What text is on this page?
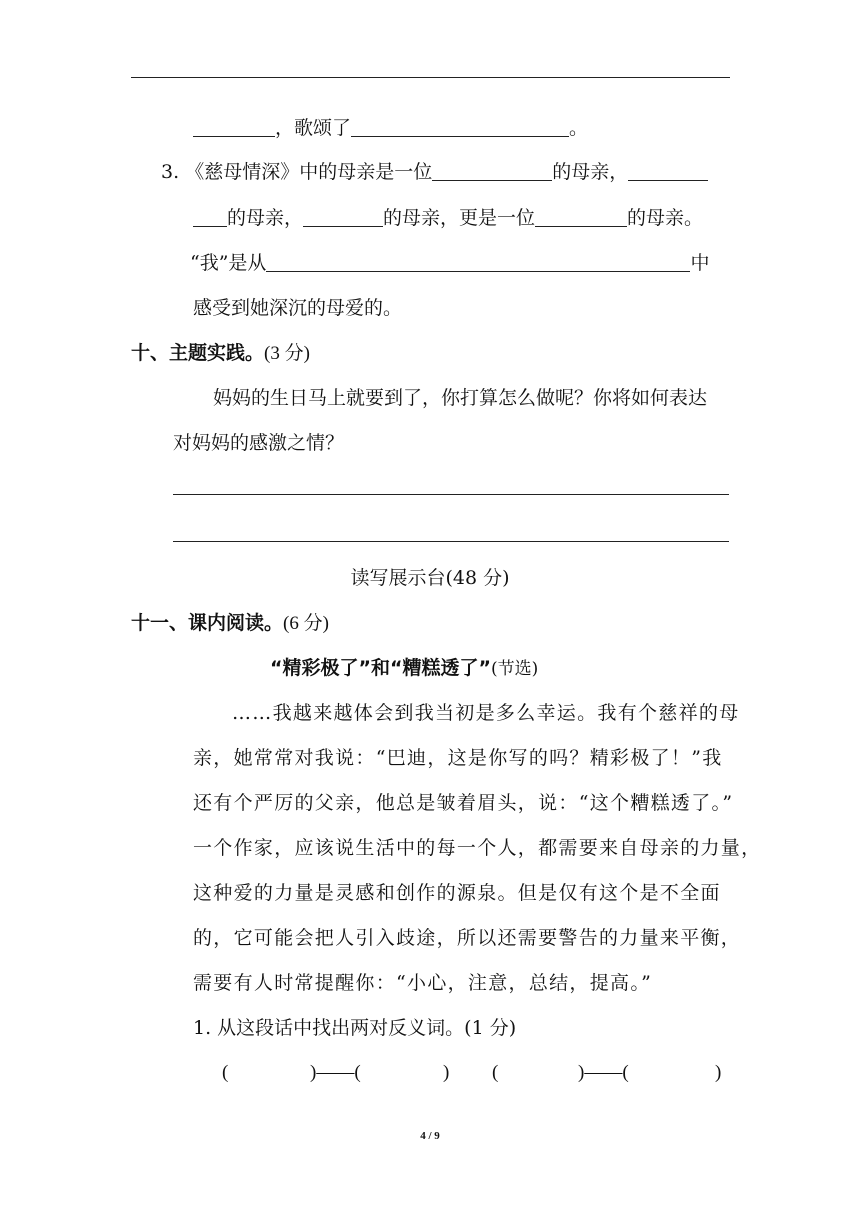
，歌颂了	。
3. 《慈母情深》中的母亲是一位	的母亲，
的母亲，	的母亲，更是一位	的母亲。
“我”是从	中
感受到她深沉的母爱的。
十、主题实践。(3 分)
妈妈的生日马上就要到了，你打算怎么做呢？你将如何表达
对妈妈的感激之情？
读写展示台(48 分)
十一、课内阅读。(6 分)
“精彩极了”和“糟糕透了”(节选)
……我越来越体会到我当初是多么幸运。我有个慈祥的母
亲，她常常对我说：“巴迪，这是你写的吗？精彩极了！”我
还有个严厉的父亲，他总是皱着眉头，说：“这个糟糕透了。”
一个作家，应该说生活中的每一个人，都需要来自母亲的力量，
这种爱的力量是灵感和创作的源泉。但是仅有这个是不全面
的，它可能会把人引入歧途，所以还需要警告的力量来平衡，
需要有人时常提醒你：“小心，注意，总结，提高。”
1. 从这段话中找出两对反义词。(1 分)
(	)——(	) (	)——(	)
4 / 9
